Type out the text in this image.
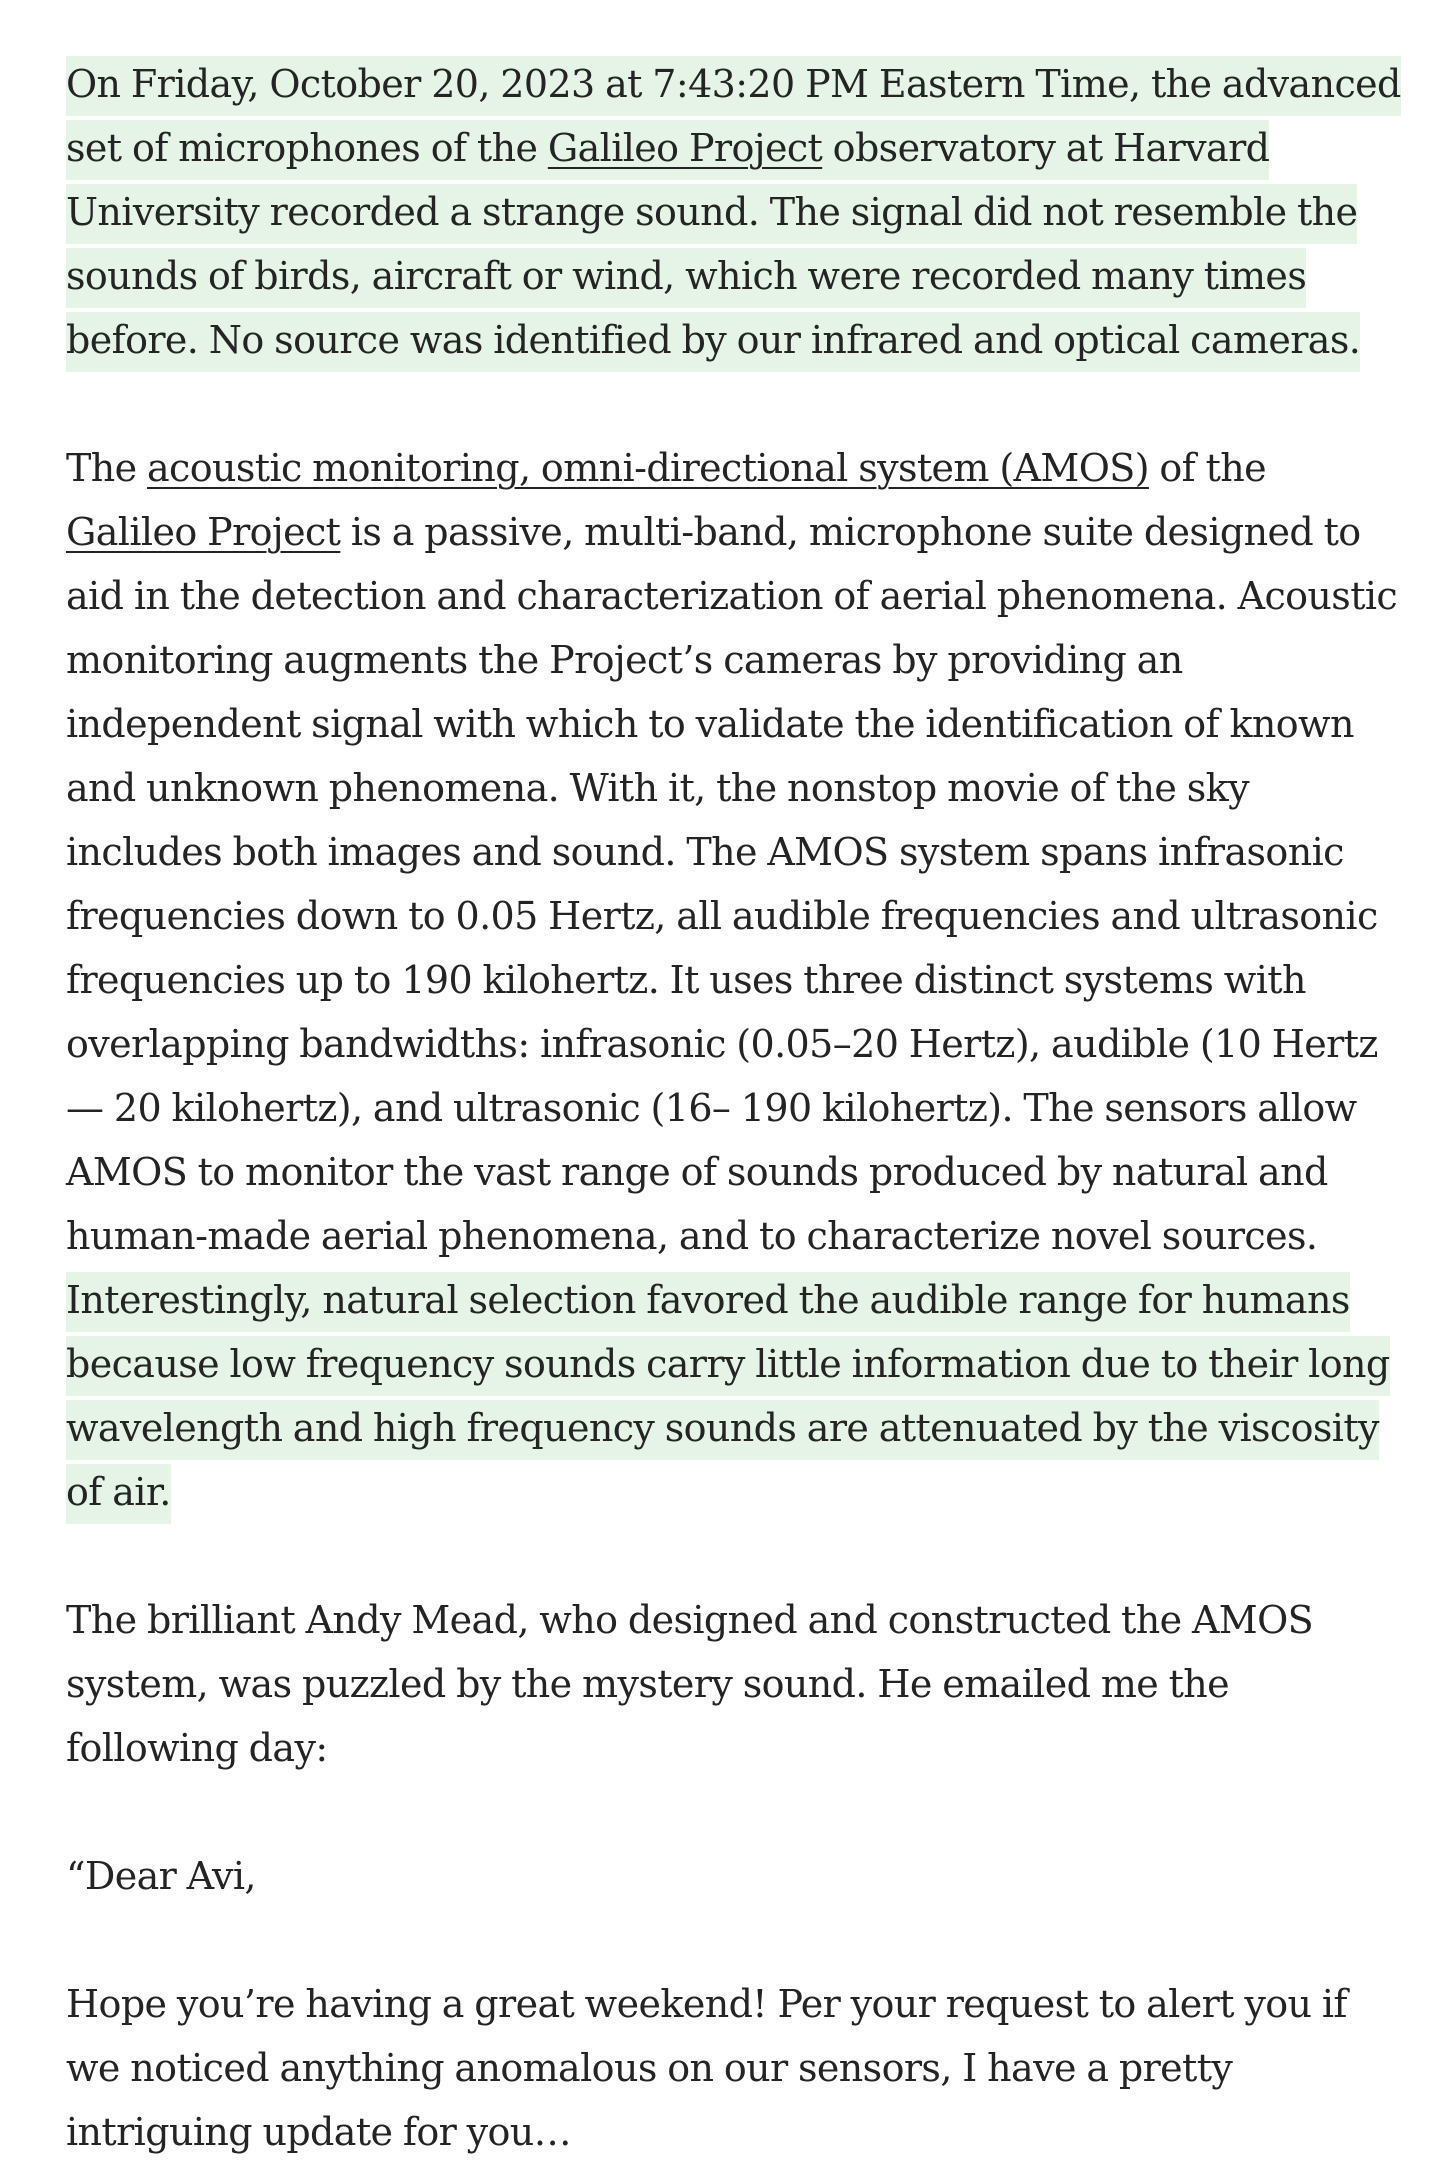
On Friday, October 20, 2023 at 7:43:20 PM Eastern Time, the advanced set of microphones of the Galileo Project observatory at Harvard University recorded a strange sound. The signal did not resemble the sounds of birds, aircraft or wind, which were recorded many times before. No source was identified by our infrared and optical cameras.

The acoustic monitoring, omni-directional system (AMOS) of the Galileo Project is a passive, multi-band, microphone suite designed to aid in the detection and characterization of aerial phenomena. Acoustic monitoring augments the Project’s cameras by providing an independent signal with which to validate the identification of known and unknown phenomena. With it, the nonstop movie of the sky includes both images and sound. The AMOS system spans infrasonic frequencies down to 0.05 Hertz, all audible frequencies and ultrasonic frequencies up to 190 kilohertz. It uses three distinct systems with overlapping bandwidths: infrasonic (0.05–20 Hertz), audible (10 Hertz — 20 kilohertz), and ultrasonic (16– 190 kilohertz). The sensors allow AMOS to monitor the vast range of sounds produced by natural and human-made aerial phenomena, and to characterize novel sources. Interestingly, natural selection favored the audible range for humans because low frequency sounds carry little information due to their long wavelength and high frequency sounds are attenuated by the viscosity of air.

The brilliant Andy Mead, who designed and constructed the AMOS system, was puzzled by the mystery sound. He emailed me the following day:

“Dear Avi,

Hope you’re having a great weekend! Per your request to alert you if we noticed anything anomalous on our sensors, I have a pretty intriguing update for you…
